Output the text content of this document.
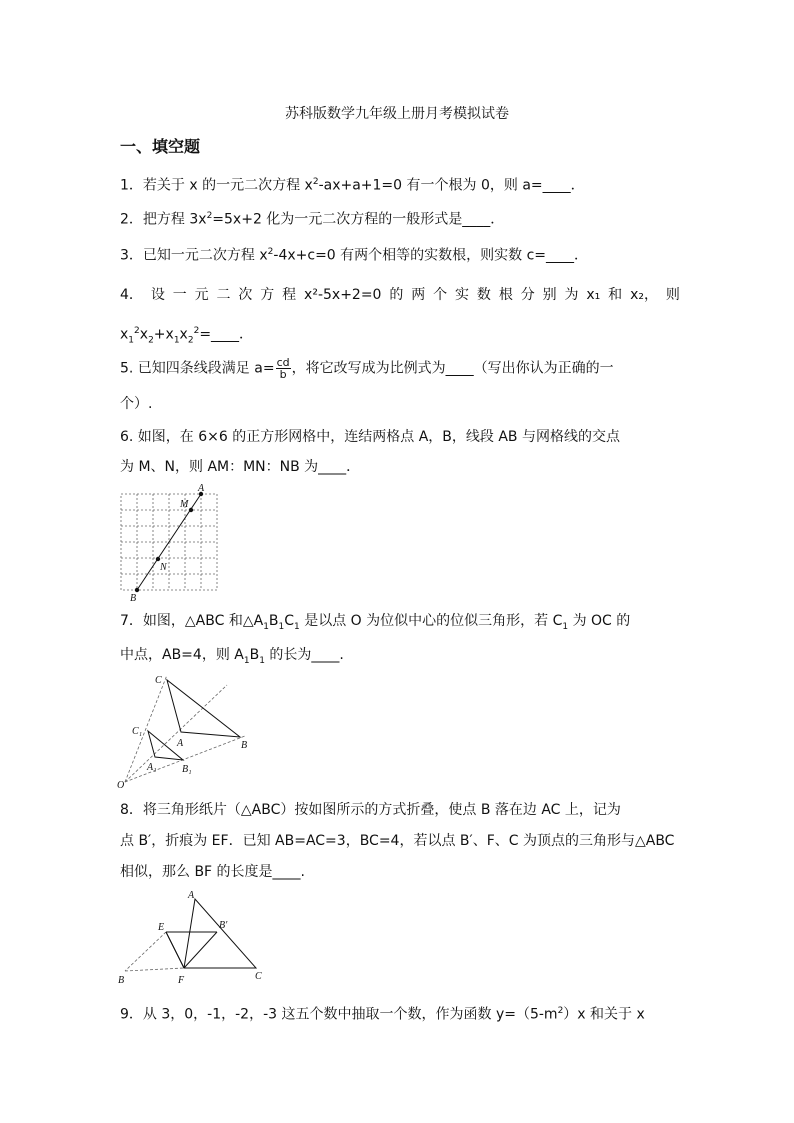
苏科版数学九年级上册月考模拟试卷
一、填空题
1．若关于 x 的一元二次方程 $x^2-ax+a+1=0$ 有一个根为 0，则 a=____．
2．把方程 $3x^2=5x+2$ 化为一元二次方程的一般形式是____．
3．已知一元二次方程 $x^2-4x+c=0$ 有两个相等的实数根，则实数 c=____．
4． 设 一 元 二 次 方 程 x²-5x+2=0 的 两 个 实 数 根 分 别 为 x₁ 和 x₂， 则
$x_1^2x_2+x_1x_2^2=\_\_\_\_$．
5. 已知四条线段满足 $a= \frac{cd}{b}$ ，将它改写成为比例式为____（写出你认为正确的一
个）.
6. 如图，在 6×6 的正方形网格中，连结两格点 A，B，线段 AB 与网格线的交点
为 M、N，则 AM：MN：NB 为____．
A
M
N
B
7．如图，△ABC 和$\triangle A_1B_1C_1$ 是以点 O 为位似中心的位似三角形，若 $C_1$ 为 OC 的
中点，AB=4，则 $A_1B_1$ 的长为____.
C
C₁
A
A₁
B
B₁
O
8．将三角形纸片（△ABC）按如图所示的方式折叠，使点 B 落在边 AC 上，记为
点 B′，折痕为 EF．已知 AB=AC=3，BC=4，若以点 B′、F、C 为顶点的三角形与△ABC
相似，那么 BF 的长度是____.
A
E	B′
B	F	C
9．从 3，0，-1，-2，-3 这五个数中抽取一个数，作为函数 $y=(5-m^2)x$ 和关于 x
